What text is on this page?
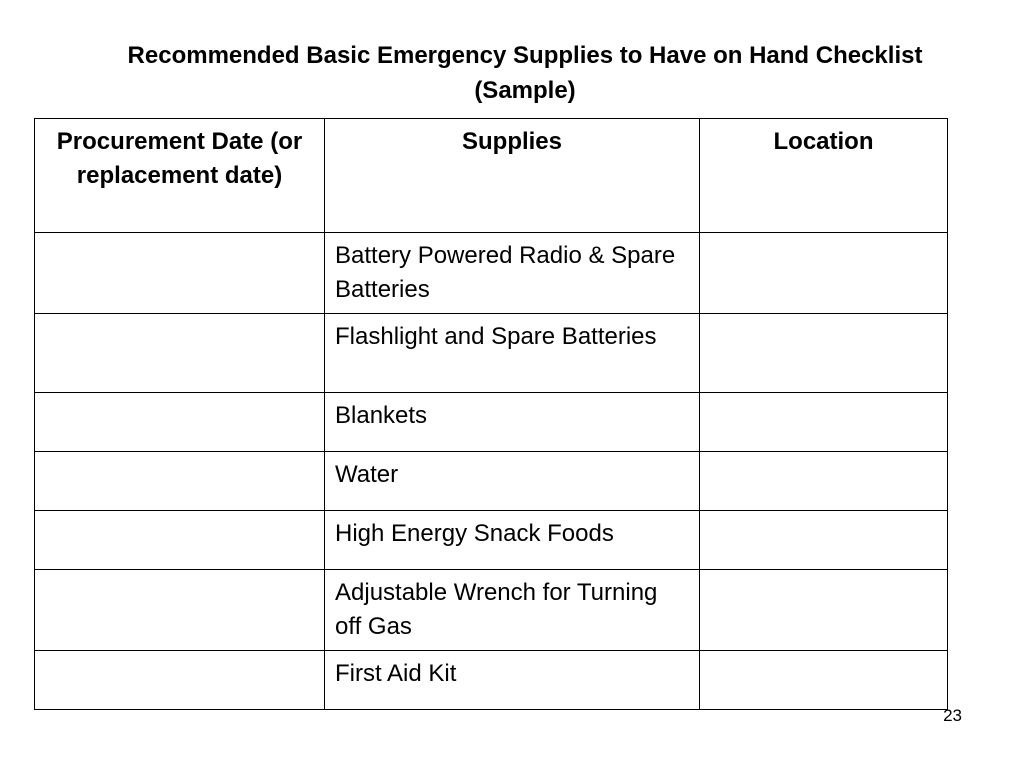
Recommended Basic Emergency Supplies to Have on Hand Checklist (Sample)
Procurement Date (or replacement date)	Supplies	Location
	Battery Powered Radio & Spare Batteries	
	Flashlight and Spare Batteries	
	Blankets	
	Water	
	High Energy Snack Foods	
	Adjustable Wrench for Turning off Gas	
	First Aid Kit	
23
